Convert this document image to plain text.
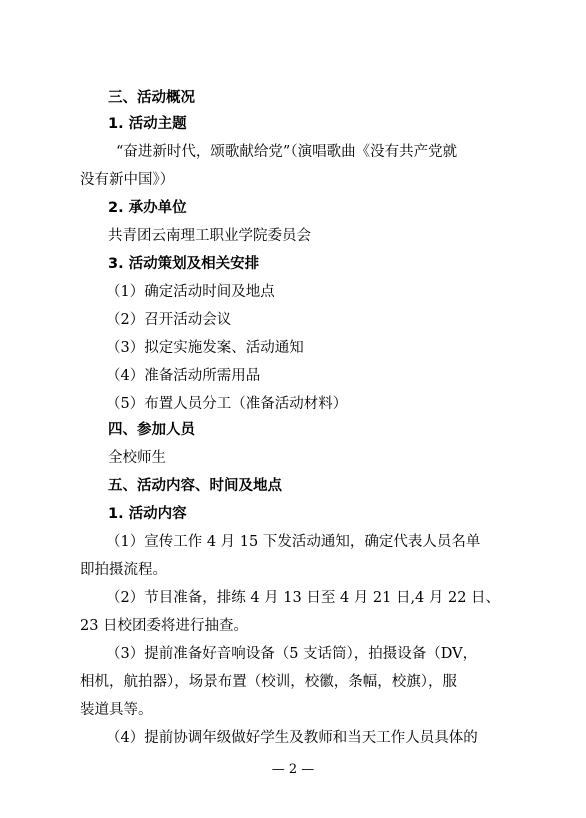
三、活动概况
1. 活动主题
“奋进新时代，颂歌献给党”（演唱歌曲《没有共产党就
没有新中国》）
2. 承办单位
共青团云南理工职业学院委员会
3. 活动策划及相关安排
（1）确定活动时间及地点
（2）召开活动会议
（3）拟定实施发案、活动通知
（4）准备活动所需用品
（5）布置人员分工（准备活动材料）
四、参加人员
全校师生
五、活动内容、时间及地点
1. 活动内容
（1）宣传工作 4 月 15 下发活动通知，确定代表人员名单
即拍摄流程。
（2）节目准备，排练 4 月 13 日至 4 月 21 日,4 月 22 日、
23 日校团委将进行抽查。
（3）提前准备好音响设备（5 支话筒），拍摄设备（DV，
相机，航拍器），场景布置（校训，校徽，条幅，校旗），服
装道具等。
（4）提前协调年级做好学生及教师和当天工作人员具体的
— 2 —
